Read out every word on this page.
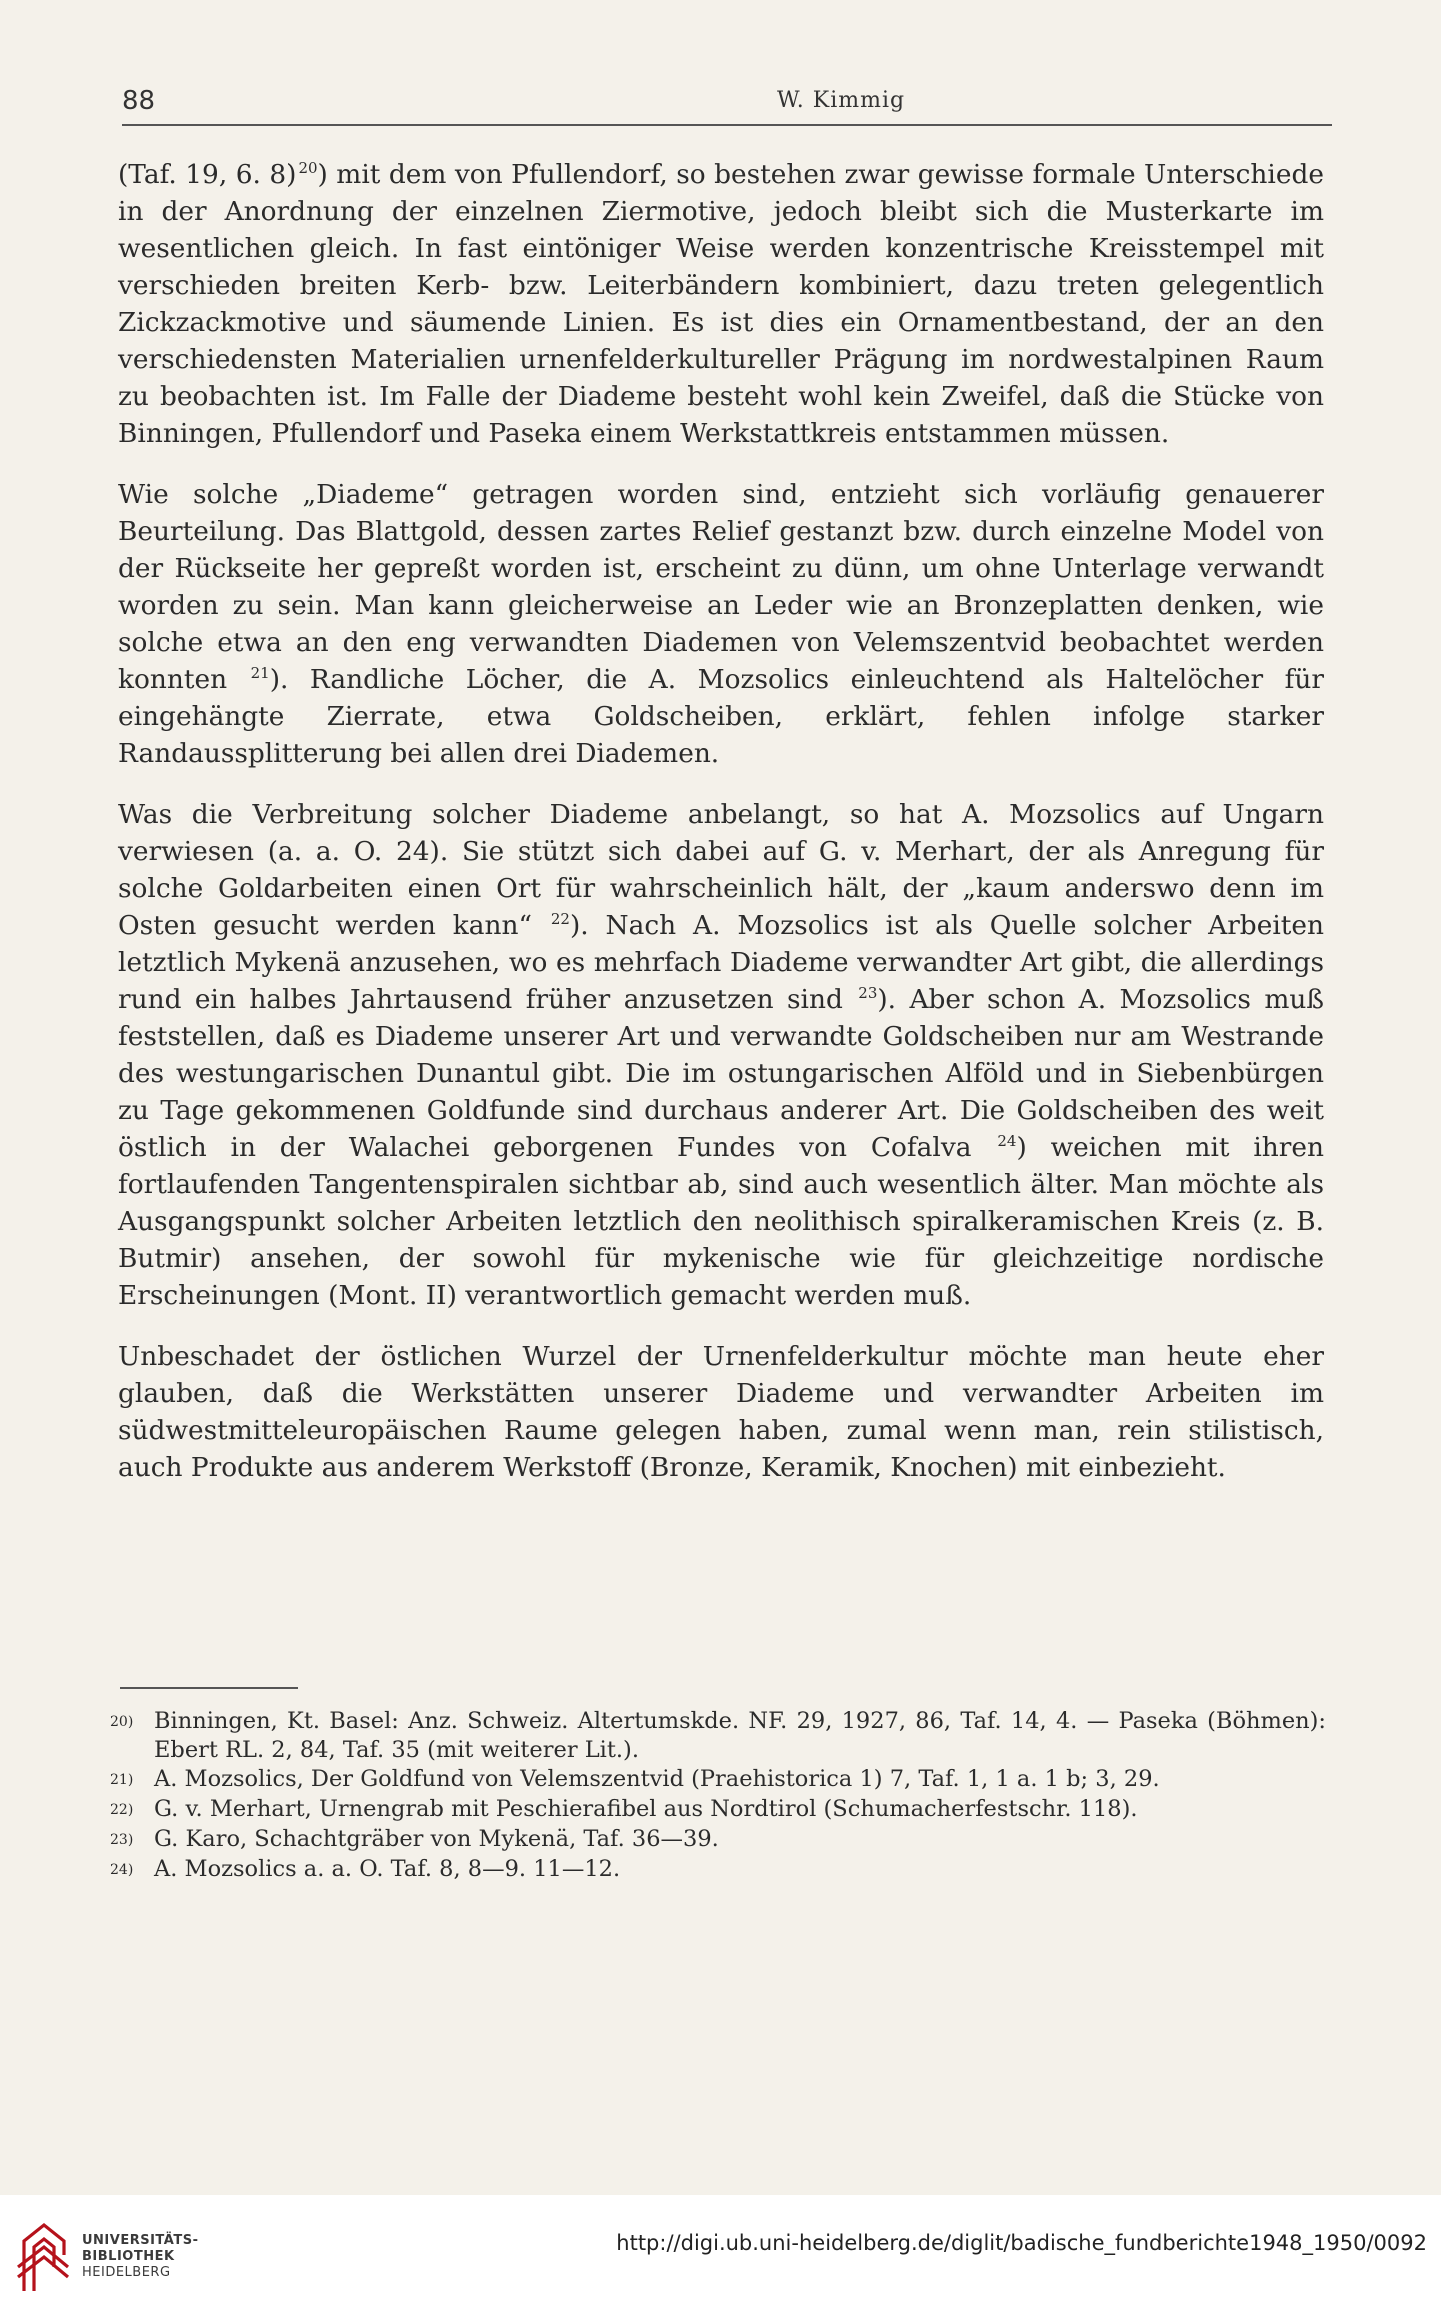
88	W. Kimmig

(Taf. 19, 6. 8) $^{20}$) mit dem von Pfullendorf, so bestehen zwar gewisse formale Unterschiede in der Anordnung der einzelnen Ziermotive, jedoch bleibt sich die Musterkarte im wesentlichen gleich. In fast eintöniger Weise werden konzentrische Kreisstempel mit verschieden breiten Kerb- bzw. Leiterbändern kombiniert, dazu treten gelegentlich Zickzackmotive und säumende Linien. Es ist dies ein Ornamentbestand, der an den verschiedensten Materialien urnenfelderkultureller Prägung im nordwestalpinen Raum zu beobachten ist. Im Falle der Diademe besteht wohl kein Zweifel, daß die Stücke von Binningen, Pfullendorf und Paseka einem Werkstattkreis entstammen müssen.

Wie solche „Diademe“ getragen worden sind, entzieht sich vorläufig genauerer Beurteilung. Das Blattgold, dessen zartes Relief gestanzt bzw. durch einzelne Model von der Rückseite her gepreßt worden ist, erscheint zu dünn, um ohne Unterlage verwandt worden zu sein. Man kann gleicherweise an Leder wie an Bronzeplatten denken, wie solche etwa an den eng verwandten Diademen von Velemszentvid beobachtet werden konnten $^{21}$). Randliche Löcher, die A. Mozsolics einleuchtend als Haltelöcher für eingehängte Zierrate, etwa Goldscheiben, erklärt, fehlen infolge starker Randaussplitterung bei allen drei Diademen.

Was die Verbreitung solcher Diademe anbelangt, so hat A. Mozsolics auf Ungarn verwiesen (a. a. O. 24). Sie stützt sich dabei auf G. v. Merhart, der als Anregung für solche Goldarbeiten einen Ort für wahrscheinlich hält, der „kaum anderswo denn im Osten gesucht werden kann“ $^{22}$). Nach A. Mozsolics ist als Quelle solcher Arbeiten letztlich Mykenä anzusehen, wo es mehrfach Diademe verwandter Art gibt, die allerdings rund ein halbes Jahrtausend früher anzusetzen sind $^{23}$). Aber schon A. Mozsolics muß feststellen, daß es Diademe unserer Art und verwandte Goldscheiben nur am Westrande des westungarischen Dunantul gibt. Die im ostungarischen Alföld und in Siebenbürgen zu Tage gekommenen Goldfunde sind durchaus anderer Art. Die Goldscheiben des weit östlich in der Walachei geborgenen Fundes von Cofalva $^{24}$) weichen mit ihren fortlaufenden Tangentenspiralen sichtbar ab, sind auch wesentlich älter. Man möchte als Ausgangspunkt solcher Arbeiten letztlich den neolithisch spiralkeramischen Kreis (z. B. Butmir) ansehen, der sowohl für mykenische wie für gleichzeitige nordische Erscheinungen (Mont. II) verantwortlich gemacht werden muß.

Unbeschadet der östlichen Wurzel der Urnenfelderkultur möchte man heute eher glauben, daß die Werkstätten unserer Diademe und verwandter Arbeiten im südwestmitteleuropäischen Raume gelegen haben, zumal wenn man, rein stilistisch, auch Produkte aus anderem Werkstoff (Bronze, Keramik, Knochen) mit einbezieht.

20) Binningen, Kt. Basel: Anz. Schweiz. Altertumskde. NF. 29, 1927, 86, Taf. 14, 4. — Paseka (Böhmen): Ebert RL. 2, 84, Taf. 35 (mit weiterer Lit.).
21) A. Mozsolics, Der Goldfund von Velemszentvid (Praehistorica 1) 7, Taf. 1, 1 a. 1 b; 3, 29.
22) G. v. Merhart, Urnengrab mit Peschierafibel aus Nordtirol (Schumacherfestschr. 118).
23) G. Karo, Schachtgräber von Mykenä, Taf. 36—39.
24) A. Mozsolics a. a. O. Taf. 8, 8—9. 11—12.
UNIVERSITÄTS-
BIBLIOTHEK
HEIDELBERG
http://digi.ub.uni-heidelberg.de/diglit/badische_fundberichte1948_1950/0092
